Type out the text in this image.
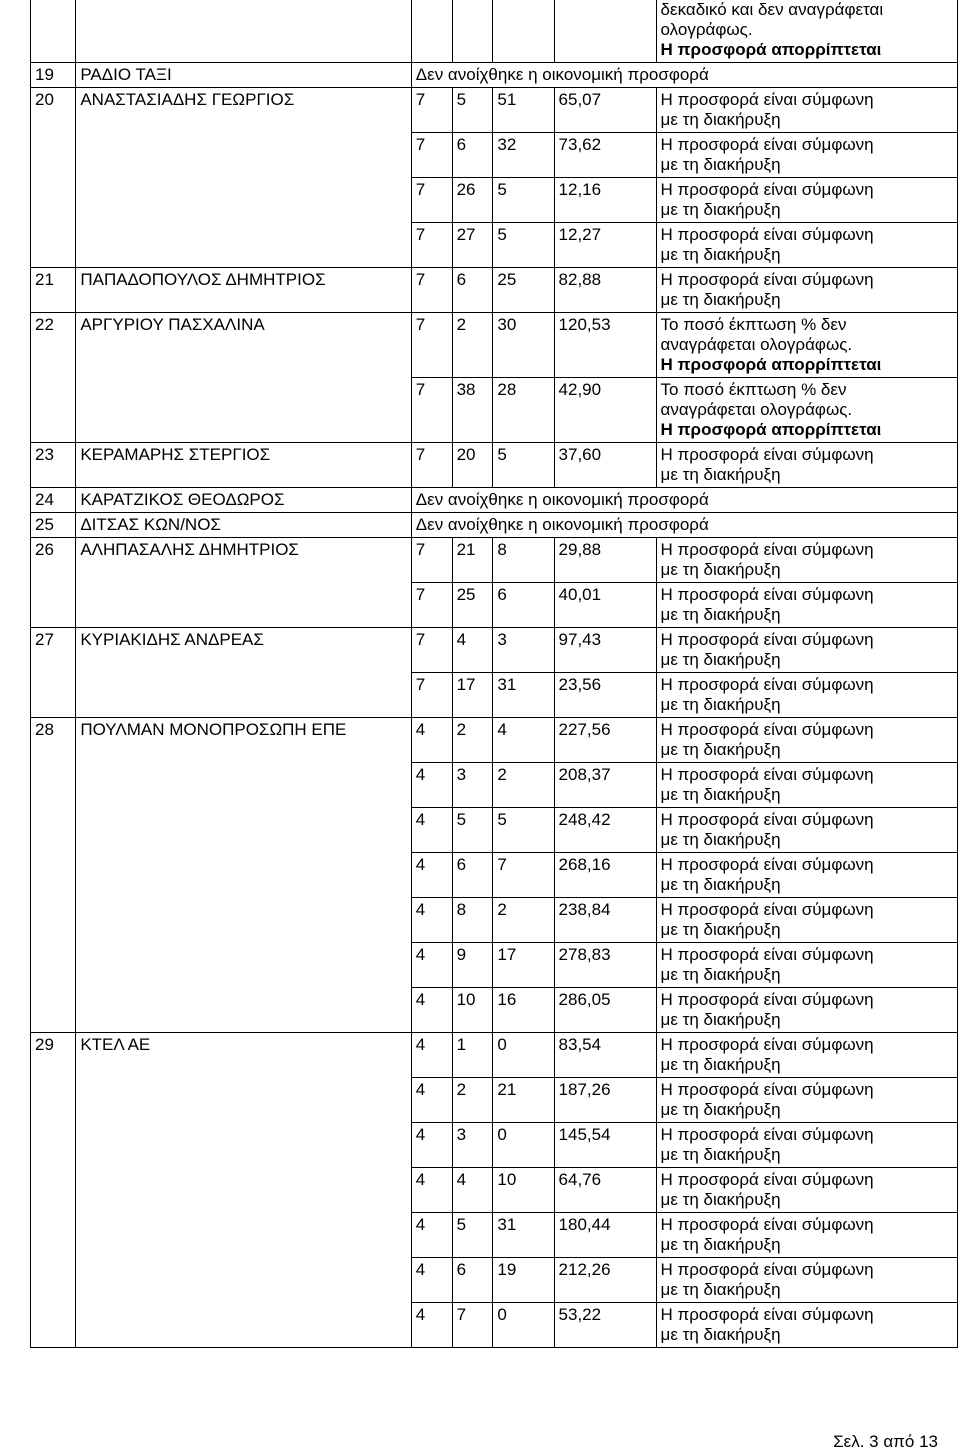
						δεκαδικό και δεν αναγράφεται
ολογράφως.
Η προσφορά απορρίπτεται

19	ΡΑΔΙΟ ΤΑΞΙ	Δεν ανοίχθηκε η οικονομική προσφορά				
20	ΑΝΑΣΤΑΣΙΑΔΗΣ ΓΕΩΡΓΙΟΣ	7	5	51	65,07	Η προσφορά είναι σύμφωνη
με τη διακήρυξη

		7	6	32	73,62	Η προσφορά είναι σύμφωνη
με τη διακήρυξη

		7	26	5	12,16	Η προσφορά είναι σύμφωνη
με τη διακήρυξη

		7	27	5	12,27	Η προσφορά είναι σύμφωνη
με τη διακήρυξη

21	ΠΑΠΑΔΟΠΟΥΛΟΣ ΔΗΜΗΤΡΙΟΣ	7	6	25	82,88	Η προσφορά είναι σύμφωνη
με τη διακήρυξη

22	ΑΡΓΥΡΙΟΥ ΠΑΣΧΑΛΙΝΑ	7	2	30	120,53	Το ποσό έκπτωση % δεν
αναγράφεται ολογράφως.
Η προσφορά απορρίπτεται

		7	38	28	42,90	Το ποσό έκπτωση % δεν
αναγράφεται ολογράφως.
Η προσφορά απορρίπτεται

23	ΚΕΡΑΜΑΡΗΣ ΣΤΕΡΓΙΟΣ	7	20	5	37,60	Η προσφορά είναι σύμφωνη
με τη διακήρυξη

24	ΚΑΡΑΤΖΙΚΟΣ ΘΕΟΔΩΡΟΣ	Δεν ανοίχθηκε η οικονομική προσφορά				
25	ΔΙΤΣΑΣ ΚΩΝ/ΝΟΣ	Δεν ανοίχθηκε η οικονομική προσφορά				
26	ΑΛΗΠΑΣΑΛΗΣ ΔΗΜΗΤΡΙΟΣ	7	21	8	29,88	Η προσφορά είναι σύμφωνη
με τη διακήρυξη

		7	25	6	40,01	Η προσφορά είναι σύμφωνη
με τη διακήρυξη

27	ΚΥΡΙΑΚΙΔΗΣ ΑΝΔΡΕΑΣ	7	4	3	97,43	Η προσφορά είναι σύμφωνη
με τη διακήρυξη

		7	17	31	23,56	Η προσφορά είναι σύμφωνη
με τη διακήρυξη

28	ΠΟΥΛΜΑΝ ΜΟΝΟΠΡΟΣΩΠΗ ΕΠΕ	4	2	4	227,56	Η προσφορά είναι σύμφωνη
με τη διακήρυξη

		4	3	2	208,37	Η προσφορά είναι σύμφωνη
με τη διακήρυξη

		4	5	5	248,42	Η προσφορά είναι σύμφωνη
με τη διακήρυξη

		4	6	7	268,16	Η προσφορά είναι σύμφωνη
με τη διακήρυξη

		4	8	2	238,84	Η προσφορά είναι σύμφωνη
με τη διακήρυξη

		4	9	17	278,83	Η προσφορά είναι σύμφωνη
με τη διακήρυξη

		4	10	16	286,05	Η προσφορά είναι σύμφωνη
με τη διακήρυξη

29	ΚΤΕΛ ΑΕ	4	1	0	83,54	Η προσφορά είναι σύμφωνη
με τη διακήρυξη

		4	2	21	187,26	Η προσφορά είναι σύμφωνη
με τη διακήρυξη

		4	3	0	145,54	Η προσφορά είναι σύμφωνη
με τη διακήρυξη

		4	4	10	64,76	Η προσφορά είναι σύμφωνη
με τη διακήρυξη

		4	5	31	180,44	Η προσφορά είναι σύμφωνη
με τη διακήρυξη

		4	6	19	212,26	Η προσφορά είναι σύμφωνη
με τη διακήρυξη

		4	7	0	53,22	Η προσφορά είναι σύμφωνη
με τη διακήρυξη
Σελ. 3 από 13
